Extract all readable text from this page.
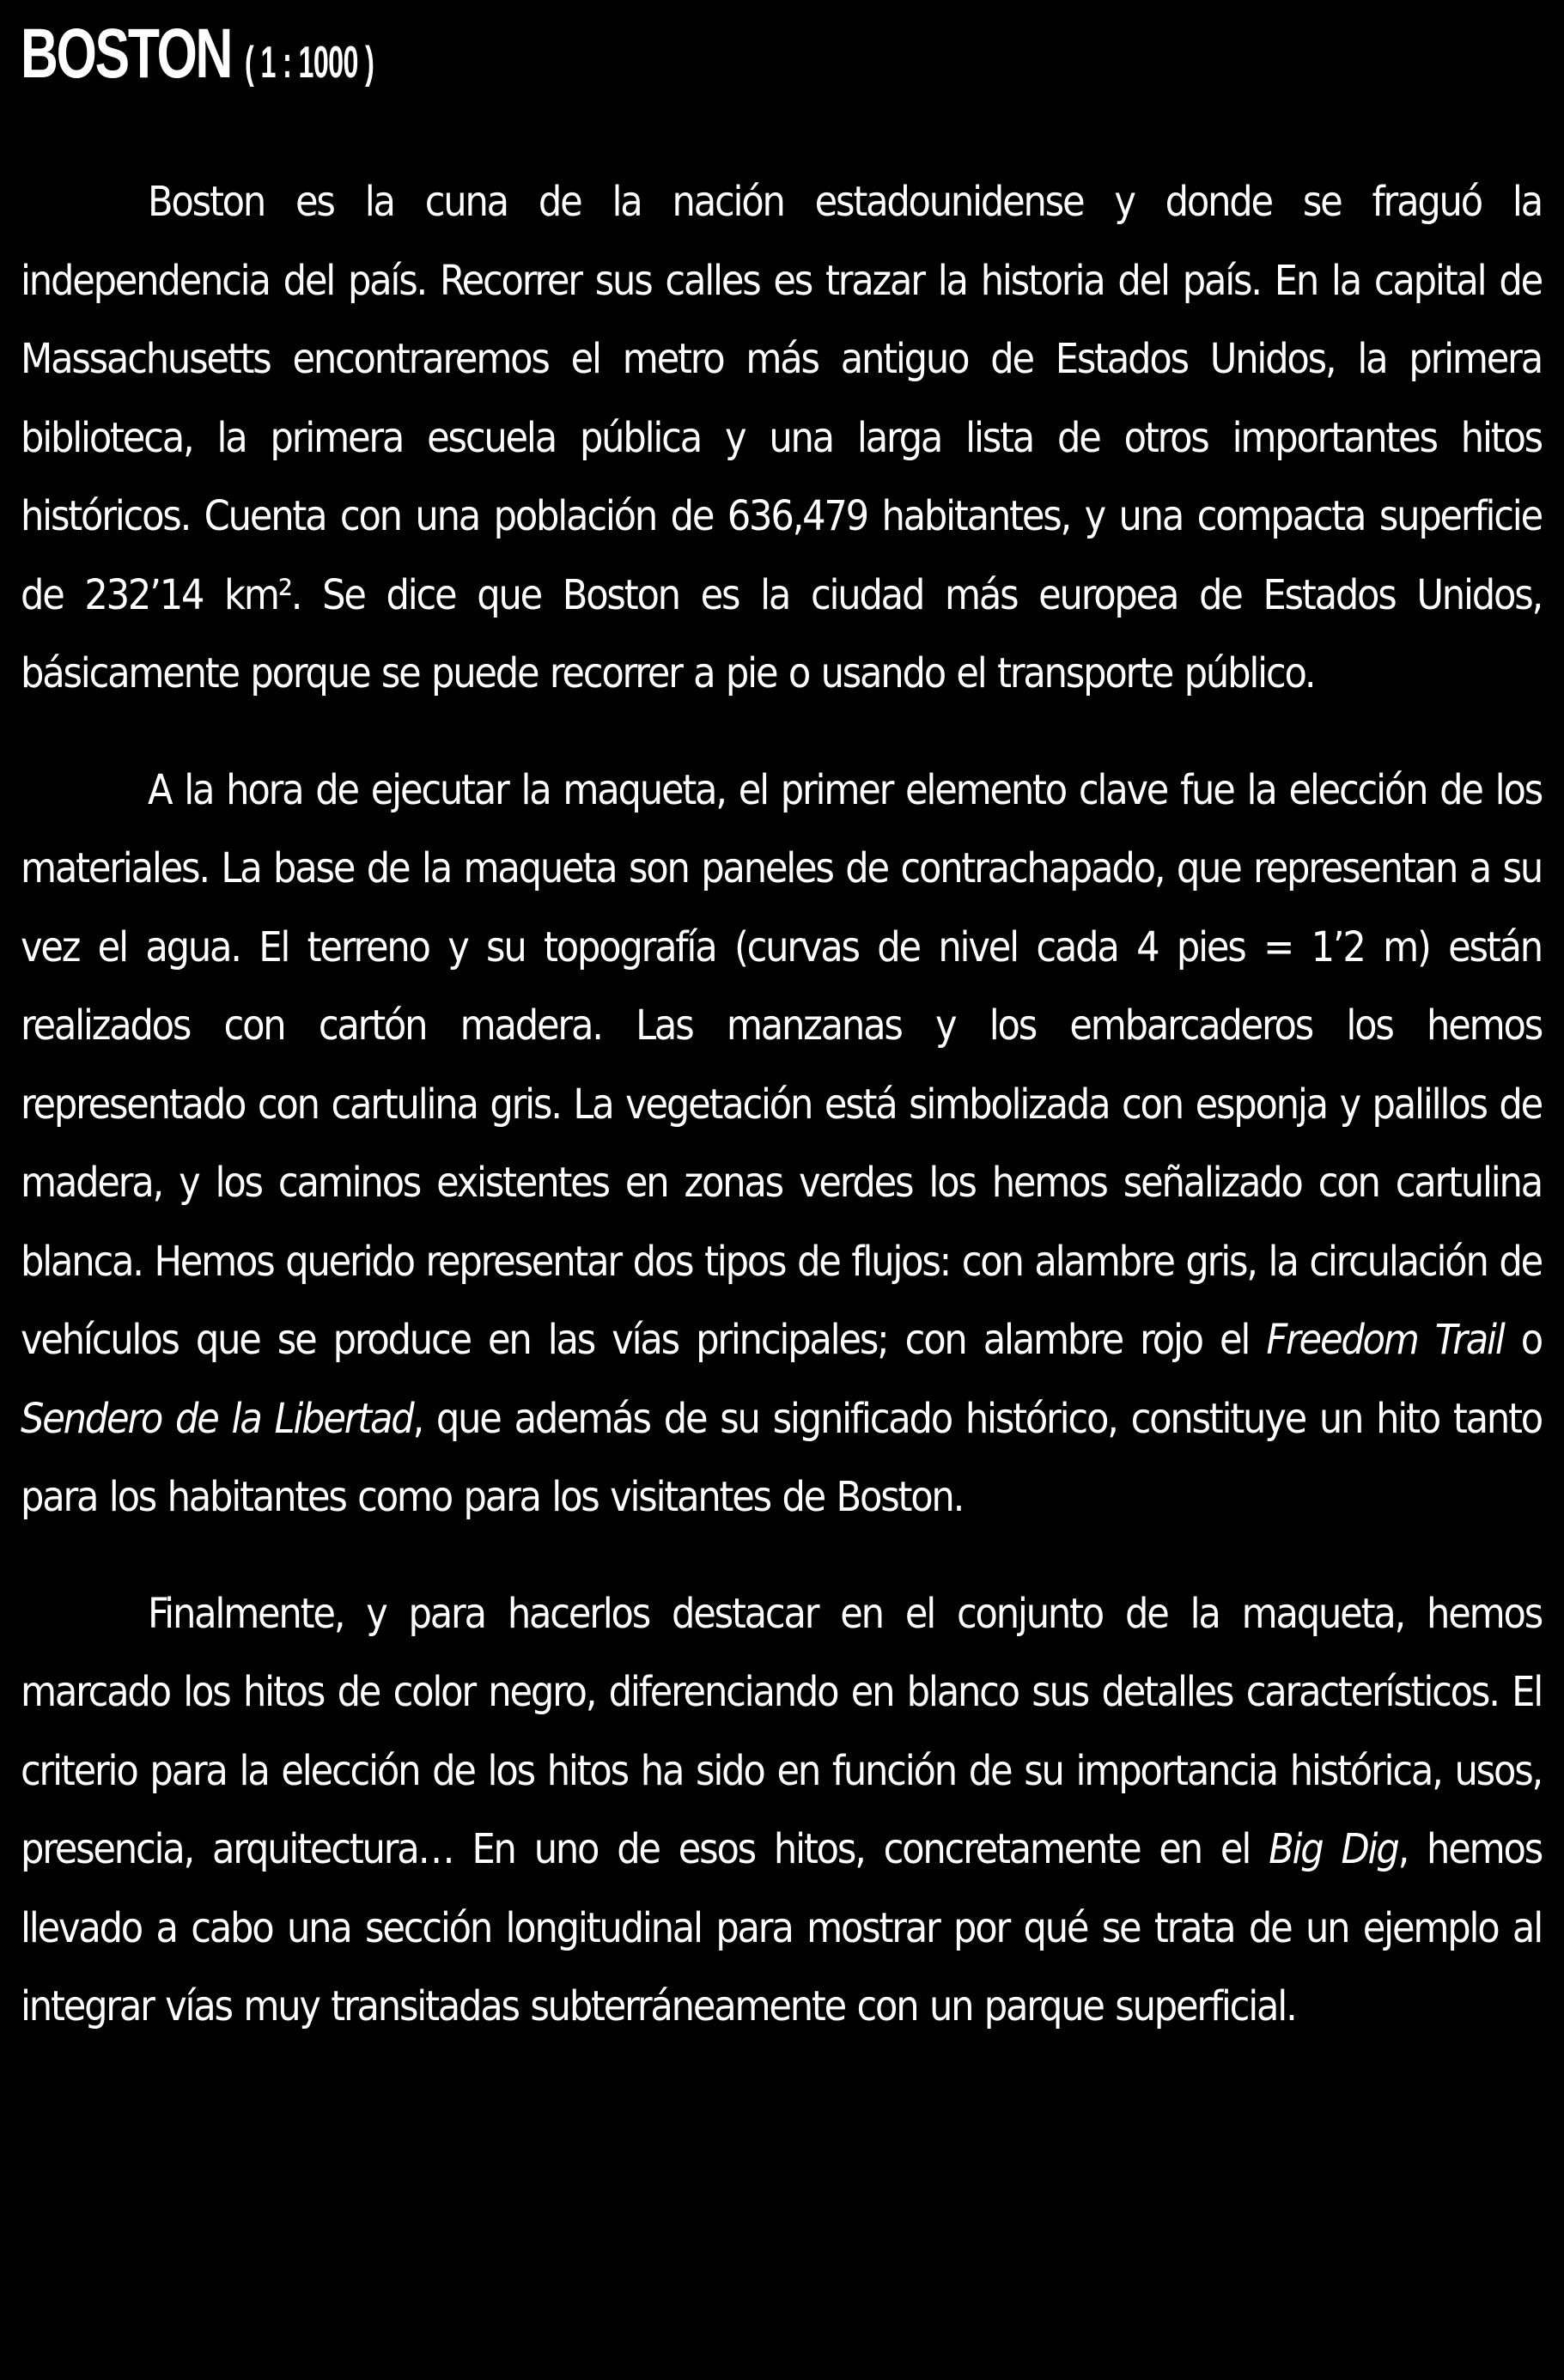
BOSTON ( 1 : 1000 )

Boston es la cuna de la nación estadounidense y donde se fraguó la independencia del país. Recorrer sus calles es trazar la historia del país. En la capital de Massachusetts encontraremos el metro más antiguo de Estados Unidos, la primera biblioteca, la primera escuela pública y una larga lista de otros importantes hitos históricos. Cuenta con una población de 636,479 habitantes, y una compacta superficie de 232’14 km². Se dice que Boston es la ciudad más europea de Estados Unidos, básicamente porque se puede recorrer a pie o usando el transporte público.

A la hora de ejecutar la maqueta, el primer elemento clave fue la elección de los materiales. La base de la maqueta son paneles de contrachapado, que representan a su vez el agua. El terreno y su topografía (curvas de nivel cada 4 pies = 1’2 m) están realizados con cartón madera. Las manzanas y los embarcaderos los hemos representado con cartulina gris. La vegetación está simbolizada con esponja y palillos de madera, y los caminos existentes en zonas verdes los hemos señalizado con cartulina blanca. Hemos querido representar dos tipos de flujos: con alambre gris, la circulación de vehículos que se produce en las vías principales; con alambre rojo el Freedom Trail o Sendero de la Libertad, que además de su significado histórico, constituye un hito tanto para los habitantes como para los visitantes de Boston.

Finalmente, y para hacerlos destacar en el conjunto de la maqueta, hemos marcado los hitos de color negro, diferenciando en blanco sus detalles característicos. El criterio para la elección de los hitos ha sido en función de su importancia histórica, usos, presencia, arquitectura… En uno de esos hitos, concretamente en el Big Dig, hemos llevado a cabo una sección longitudinal para mostrar por qué se trata de un ejemplo al integrar vías muy transitadas subterráneamente con un parque superficial.
